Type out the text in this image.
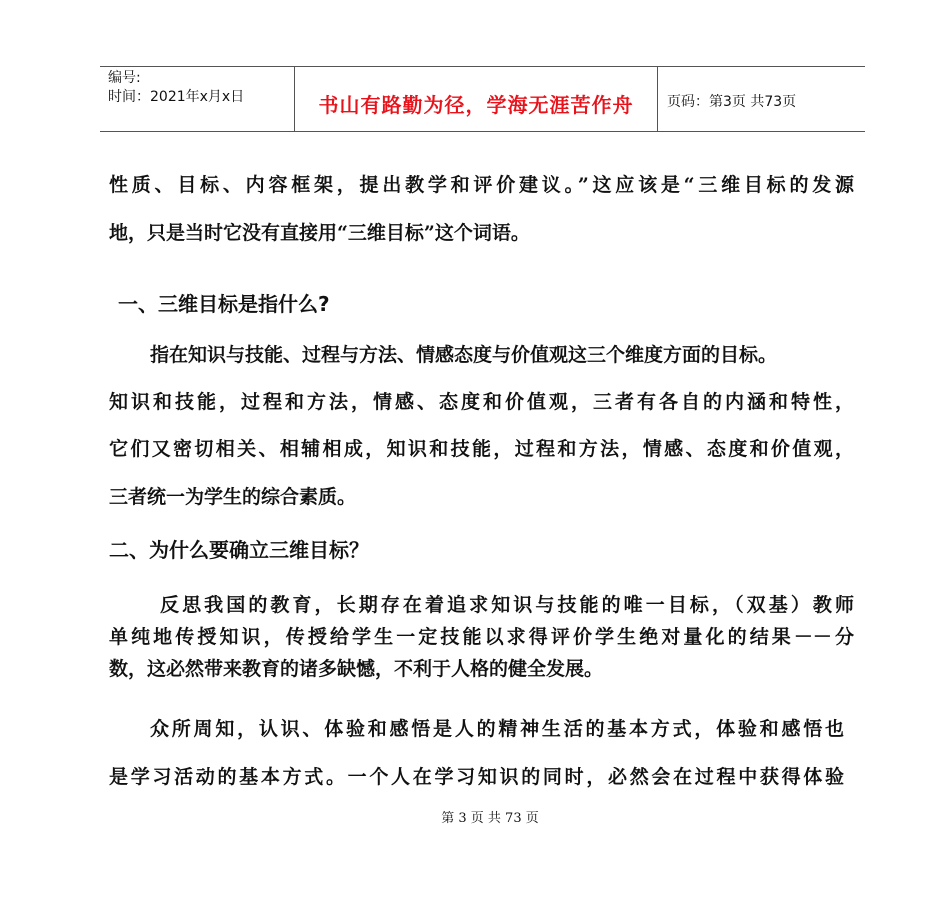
编号:
时间：2021年x月x日	书山有路勤为径，学海无涯苦作舟	页码：第3页 共73页
性质、目标、内容框架，提出教学和评价建议。”这应该是“三维目标的发源
地，只是当时它没有直接用“三维目标”这个词语。
一、三维目标是指什么?
指在知识与技能、过程与方法、情感态度与价值观这三个维度方面的目标。
知识和技能，过程和方法，情感、态度和价值观，三者有各自的内涵和特性，
它们又密切相关、相辅相成，知识和技能，过程和方法，情感、态度和价值观，
三者统一为学生的综合素质。
二、为什么要确立三维目标？
反思我国的教育，长期存在着追求知识与技能的唯一目标，（双基）教师
单纯地传授知识，传授给学生一定技能以求得评价学生绝对量化的结果－－分
数，这必然带来教育的诸多缺憾，不利于人格的健全发展。
众所周知，认识、体验和感悟是人的精神生活的基本方式，体验和感悟也
是学习活动的基本方式。一个人在学习知识的同时，必然会在过程中获得体验
第 3 页 共 73 页
